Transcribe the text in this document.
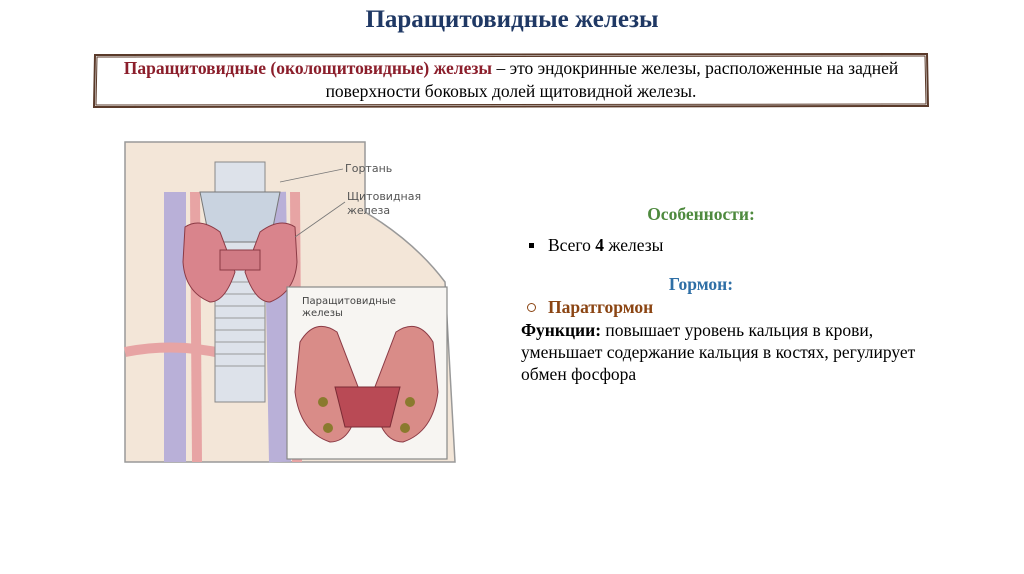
Паращитовидные железы
Паращитовидные (околощитовидные) железы – это эндокринные железы, расположенные на задней поверхности боковых долей щитовидной железы.
Гортань
Щитовидная
железа
Паращитовидные
железы
Особенности:
Всего 4 железы
Гормон:
Паратгормон
Функции: повышает уровень кальция в крови, уменьшает содержание кальция в костях, регулирует обмен фосфора
